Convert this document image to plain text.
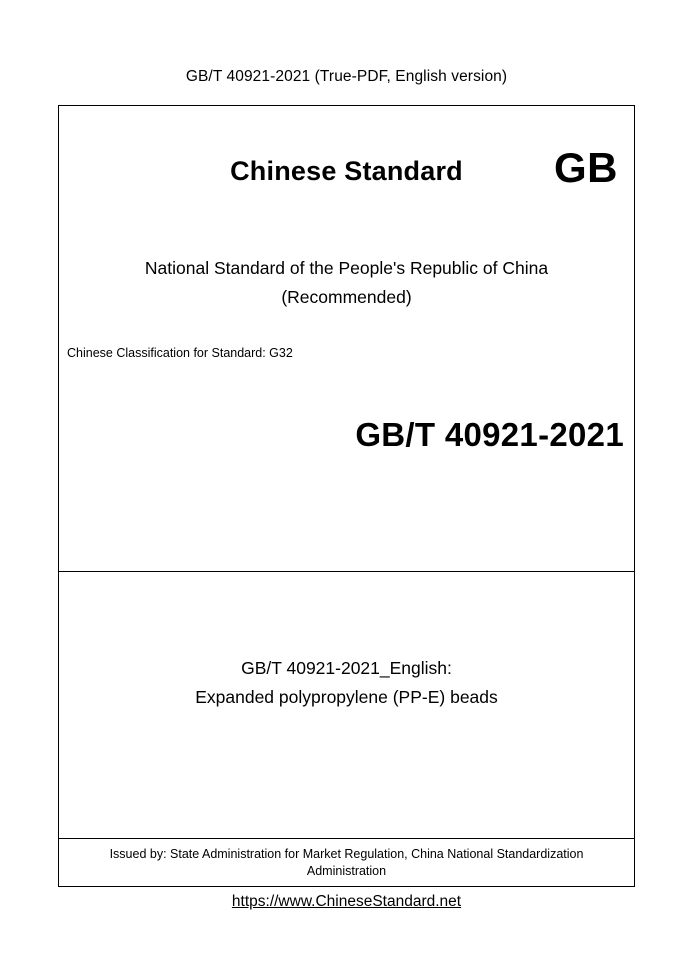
GB/T 40921-2021 (True-PDF, English version)
Chinese Standard	GB
National Standard of the People's Republic of China
(Recommended)
Chinese Classification for Standard: G32
GB/T 40921-2021
GB/T 40921-2021_English:
Expanded polypropylene (PP-E) beads
Issued by: State Administration for Market Regulation, China National Standardization Administration
https://www.ChineseStandard.net
